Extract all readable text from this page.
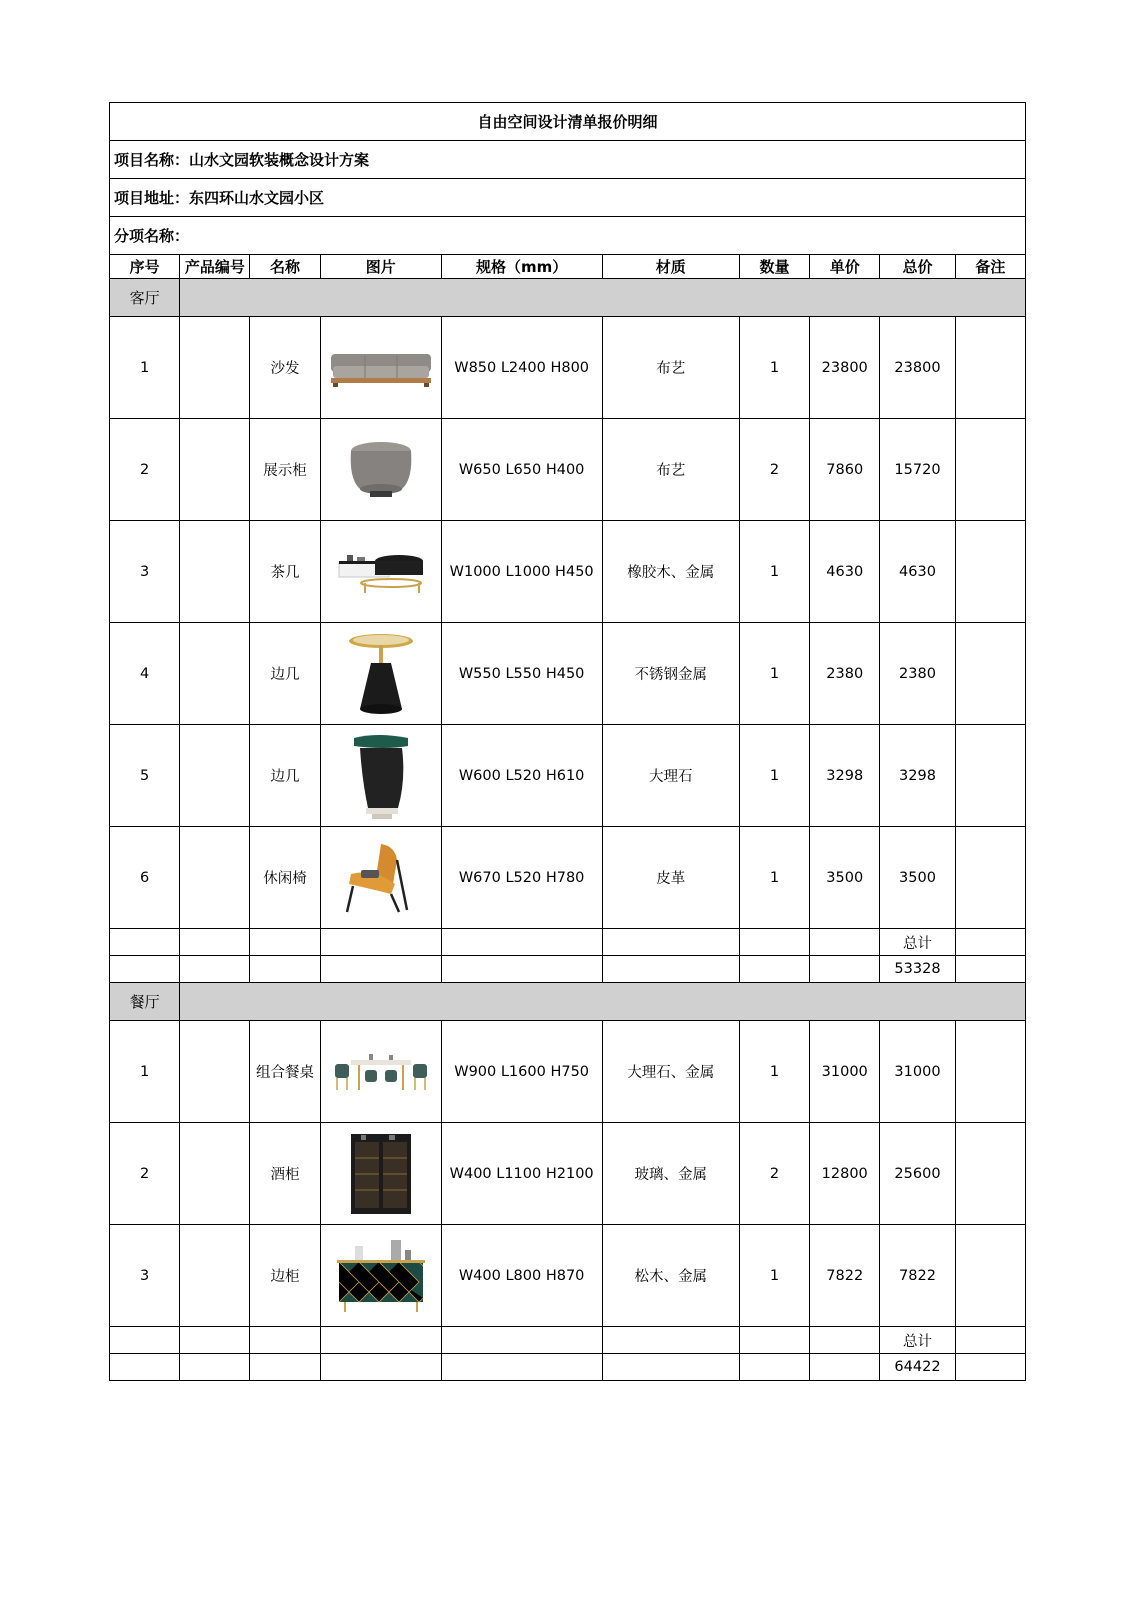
自由空间设计清单报价明细									
项目名称：山水文园软装概念设计方案									
项目地址：东四环山水文园小区									
分项名称：									
序号	产品编号	名称	图片	规格（mm）	材质	数量	单价	总价	备注
客厅									
1		沙发		W850 L2400 H800	布艺	1	23800	23800	
2		展示柜		W650 L650 H400	布艺	2	7860	15720	
3		茶几		W1000 L1000 H450	橡胶木、金属	1	4630	4630	
4		边几		W550 L550 H450	不锈钢金属	1	2380	2380	
5		边几		W600 L520 H610	大理石	1	3298	3298	
6		休闲椅		W670 L520 H780	皮革	1	3500	3500	
								总计	
								53328	
餐厅									
1		组合餐桌		W900 L1600 H750	大理石、金属	1	31000	31000	
2		酒柜		W400 L1100 H2100	玻璃、金属	2	12800	25600	
3		边柜		W400 L800 H870	松木、金属	1	7822	7822	
								总计	
								64422	
